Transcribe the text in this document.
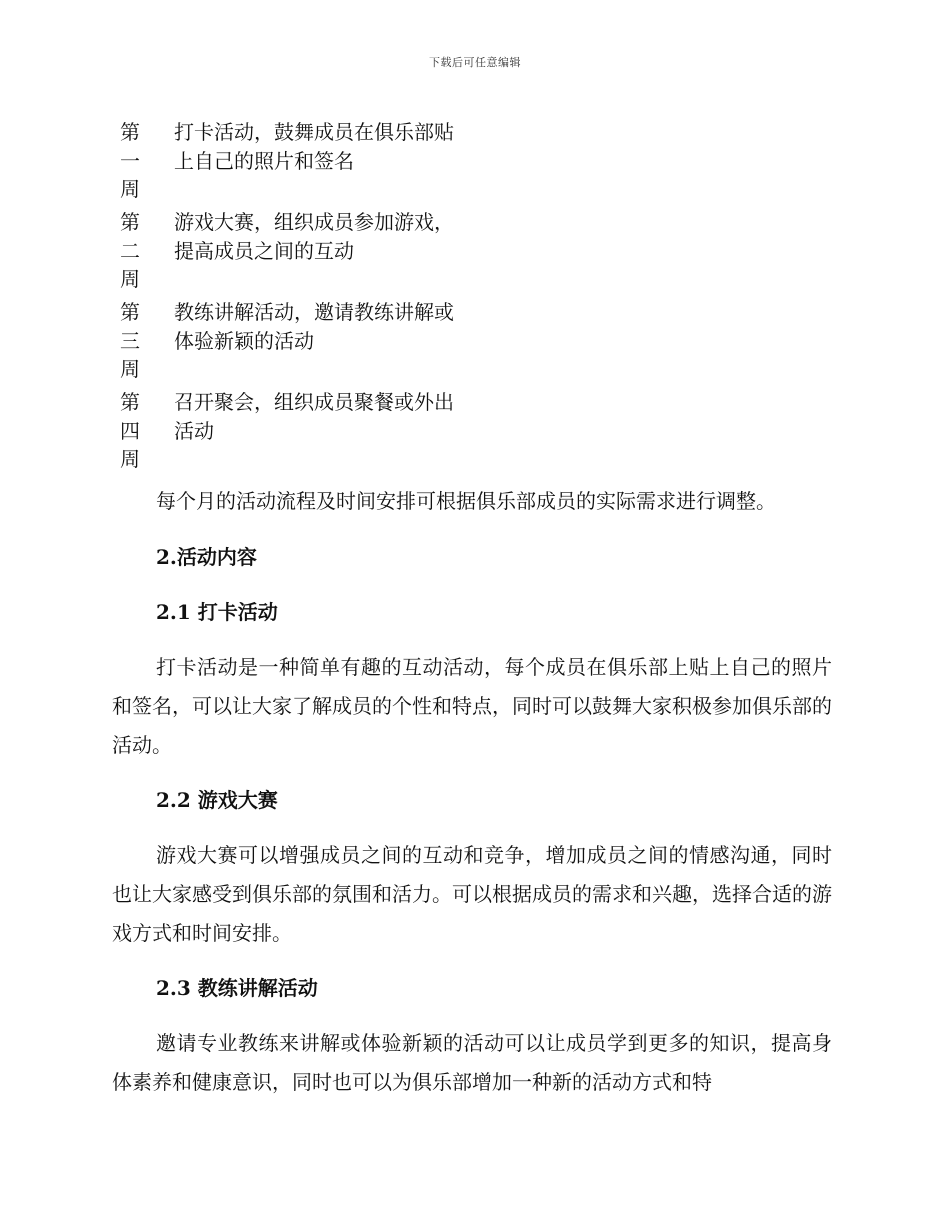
下载后可任意编辑
第
一
周
打卡活动，鼓舞成员在俱乐部贴上自己的照片和签名
第
二
周
游戏大赛，组织成员参加游戏，提高成员之间的互动
第
三
周
教练讲解活动，邀请教练讲解或体验新颖的活动
第
四
周
召开聚会，组织成员聚餐或外出活动

每个月的活动流程及时间安排可根据俱乐部成员的实际需求进行调整。

2.活动内容

2.1 打卡活动

打卡活动是一种简单有趣的互动活动，每个成员在俱乐部上贴上自己的照片和签名，可以让大家了解成员的个性和特点，同时可以鼓舞大家积极参加俱乐部的活动。

2.2 游戏大赛

游戏大赛可以增强成员之间的互动和竞争，增加成员之间的情感沟通，同时也让大家感受到俱乐部的氛围和活力。可以根据成员的需求和兴趣，选择合适的游戏方式和时间安排。

2.3 教练讲解活动

邀请专业教练来讲解或体验新颖的活动可以让成员学到更多的知识，提高身体素养和健康意识，同时也可以为俱乐部增加一种新的活动方式和特
